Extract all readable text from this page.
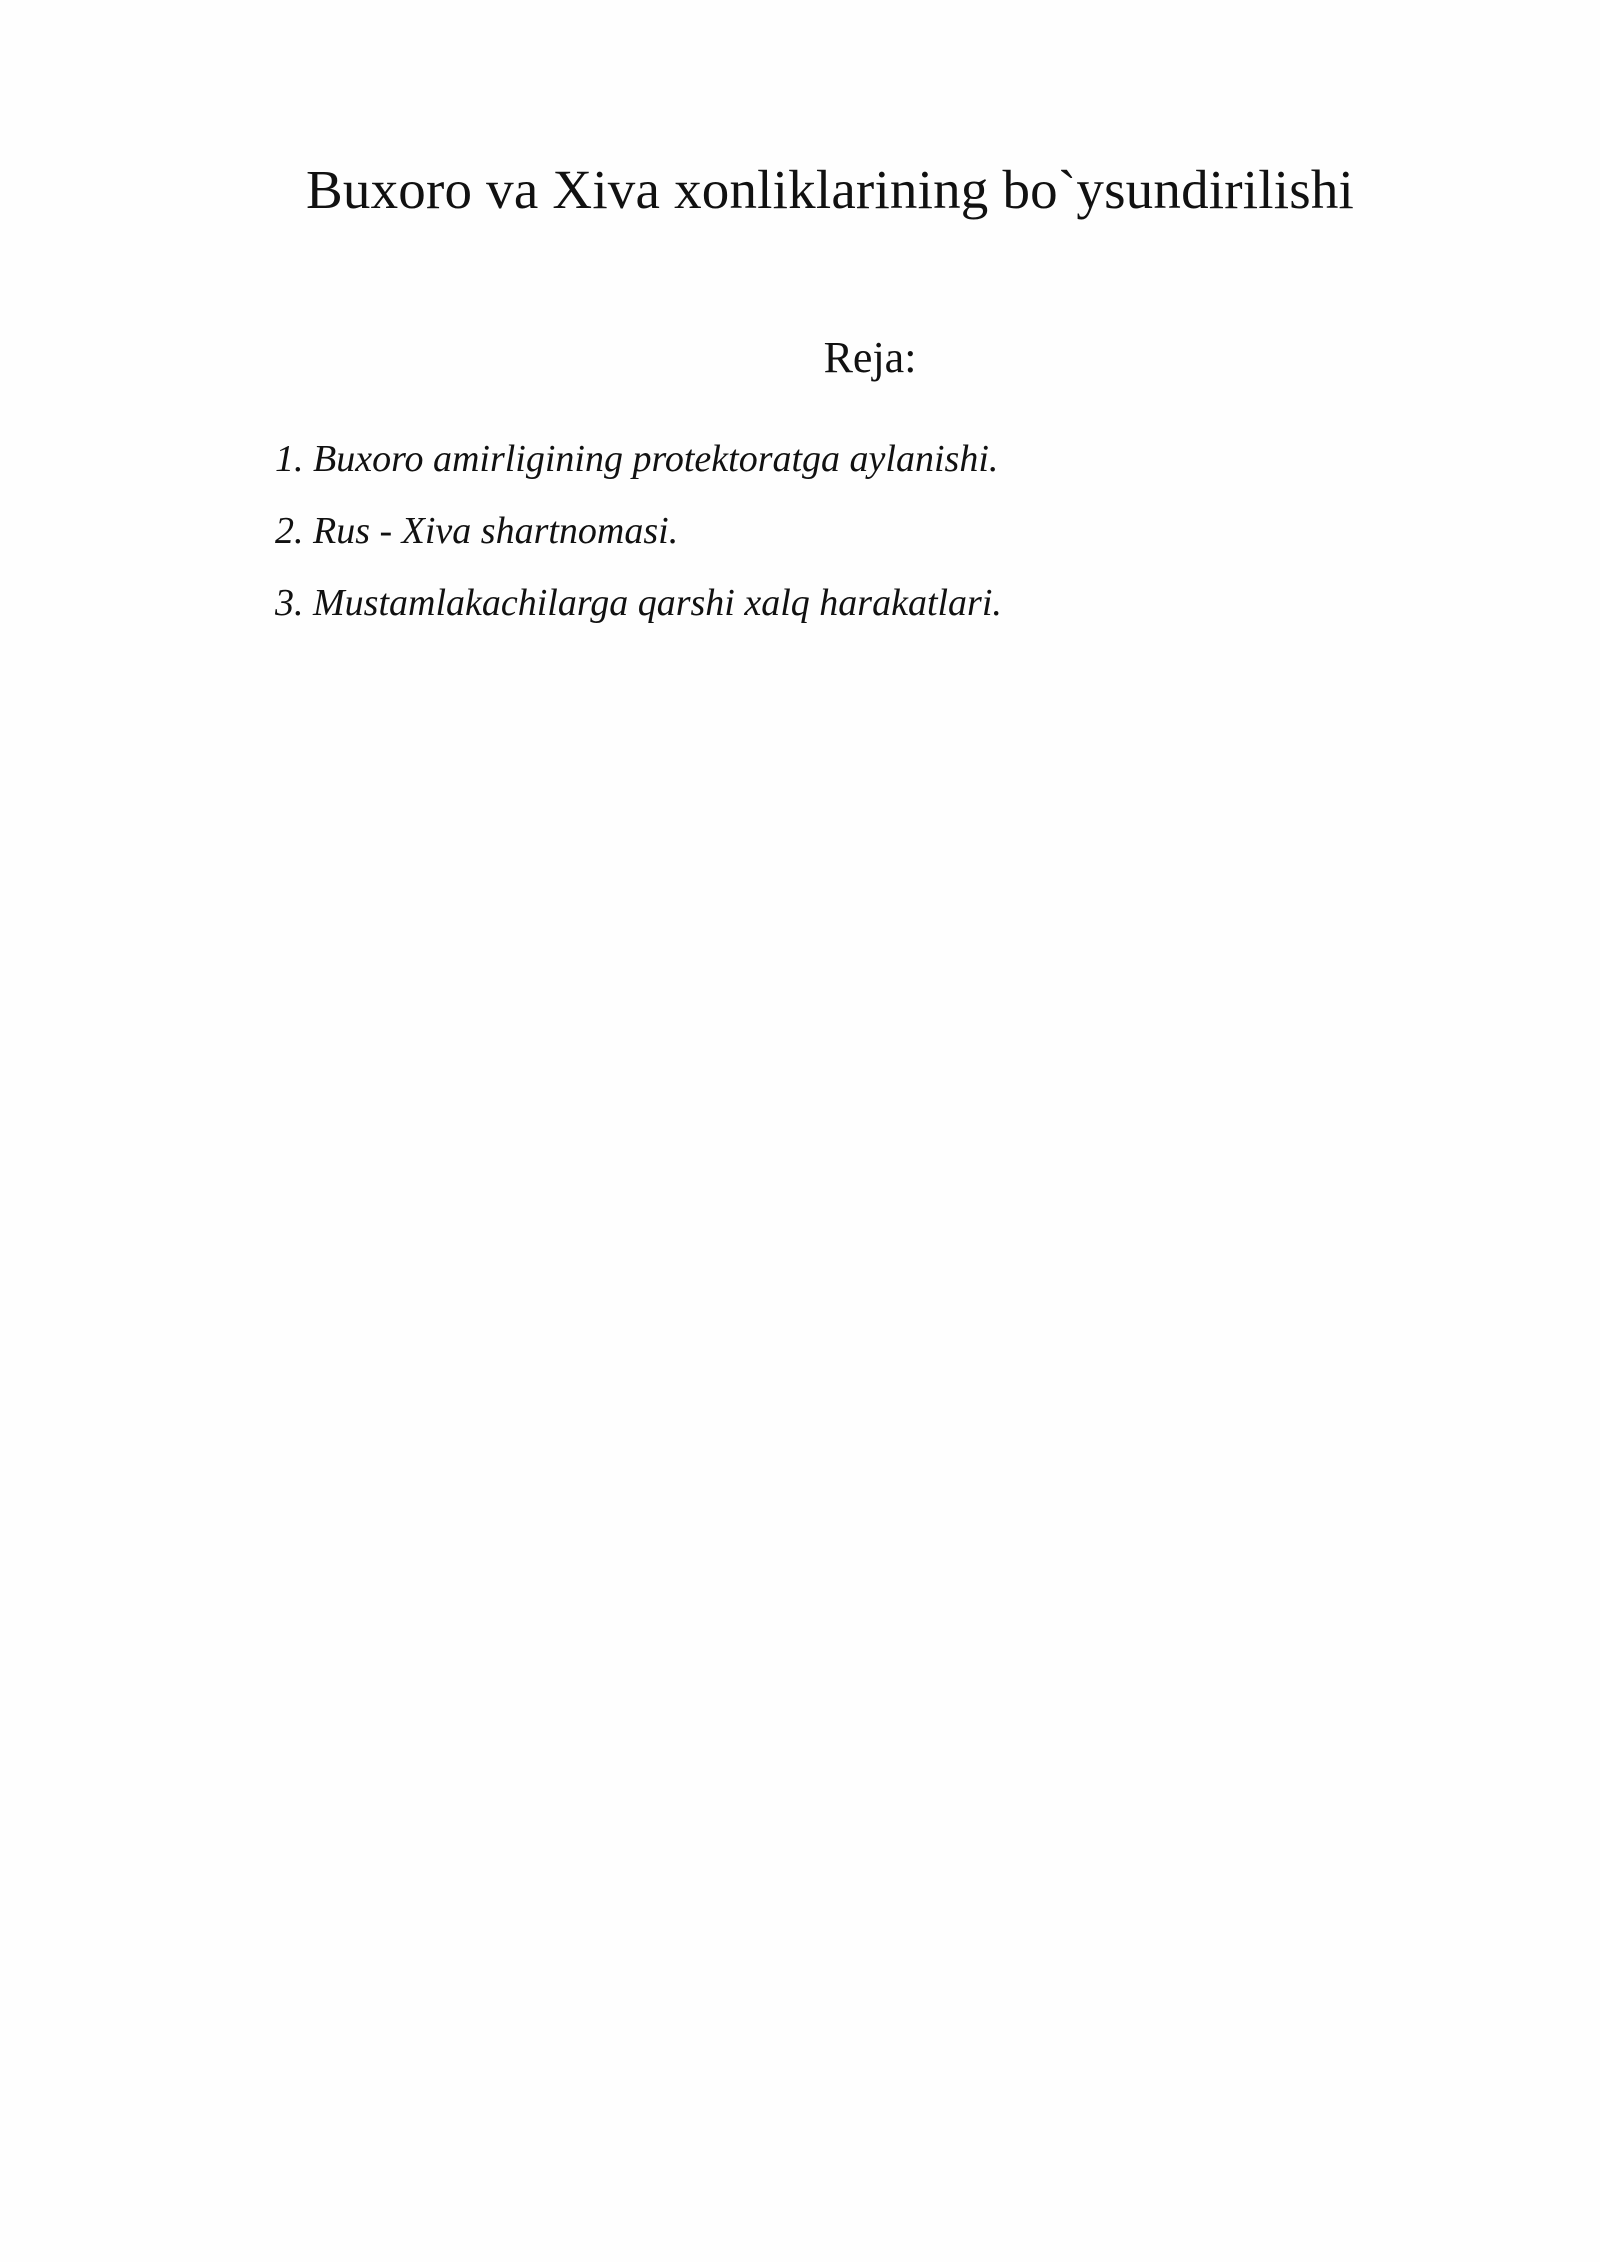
Buxoro va Xiva xonliklarining bo`ysundirilishi
Reja:
1. Buxoro amirligining protektoratga aylanishi.
2. Rus - Xiva shartnomasi.
3. Mustamlakachilarga qarshi xalq harakatlari.
